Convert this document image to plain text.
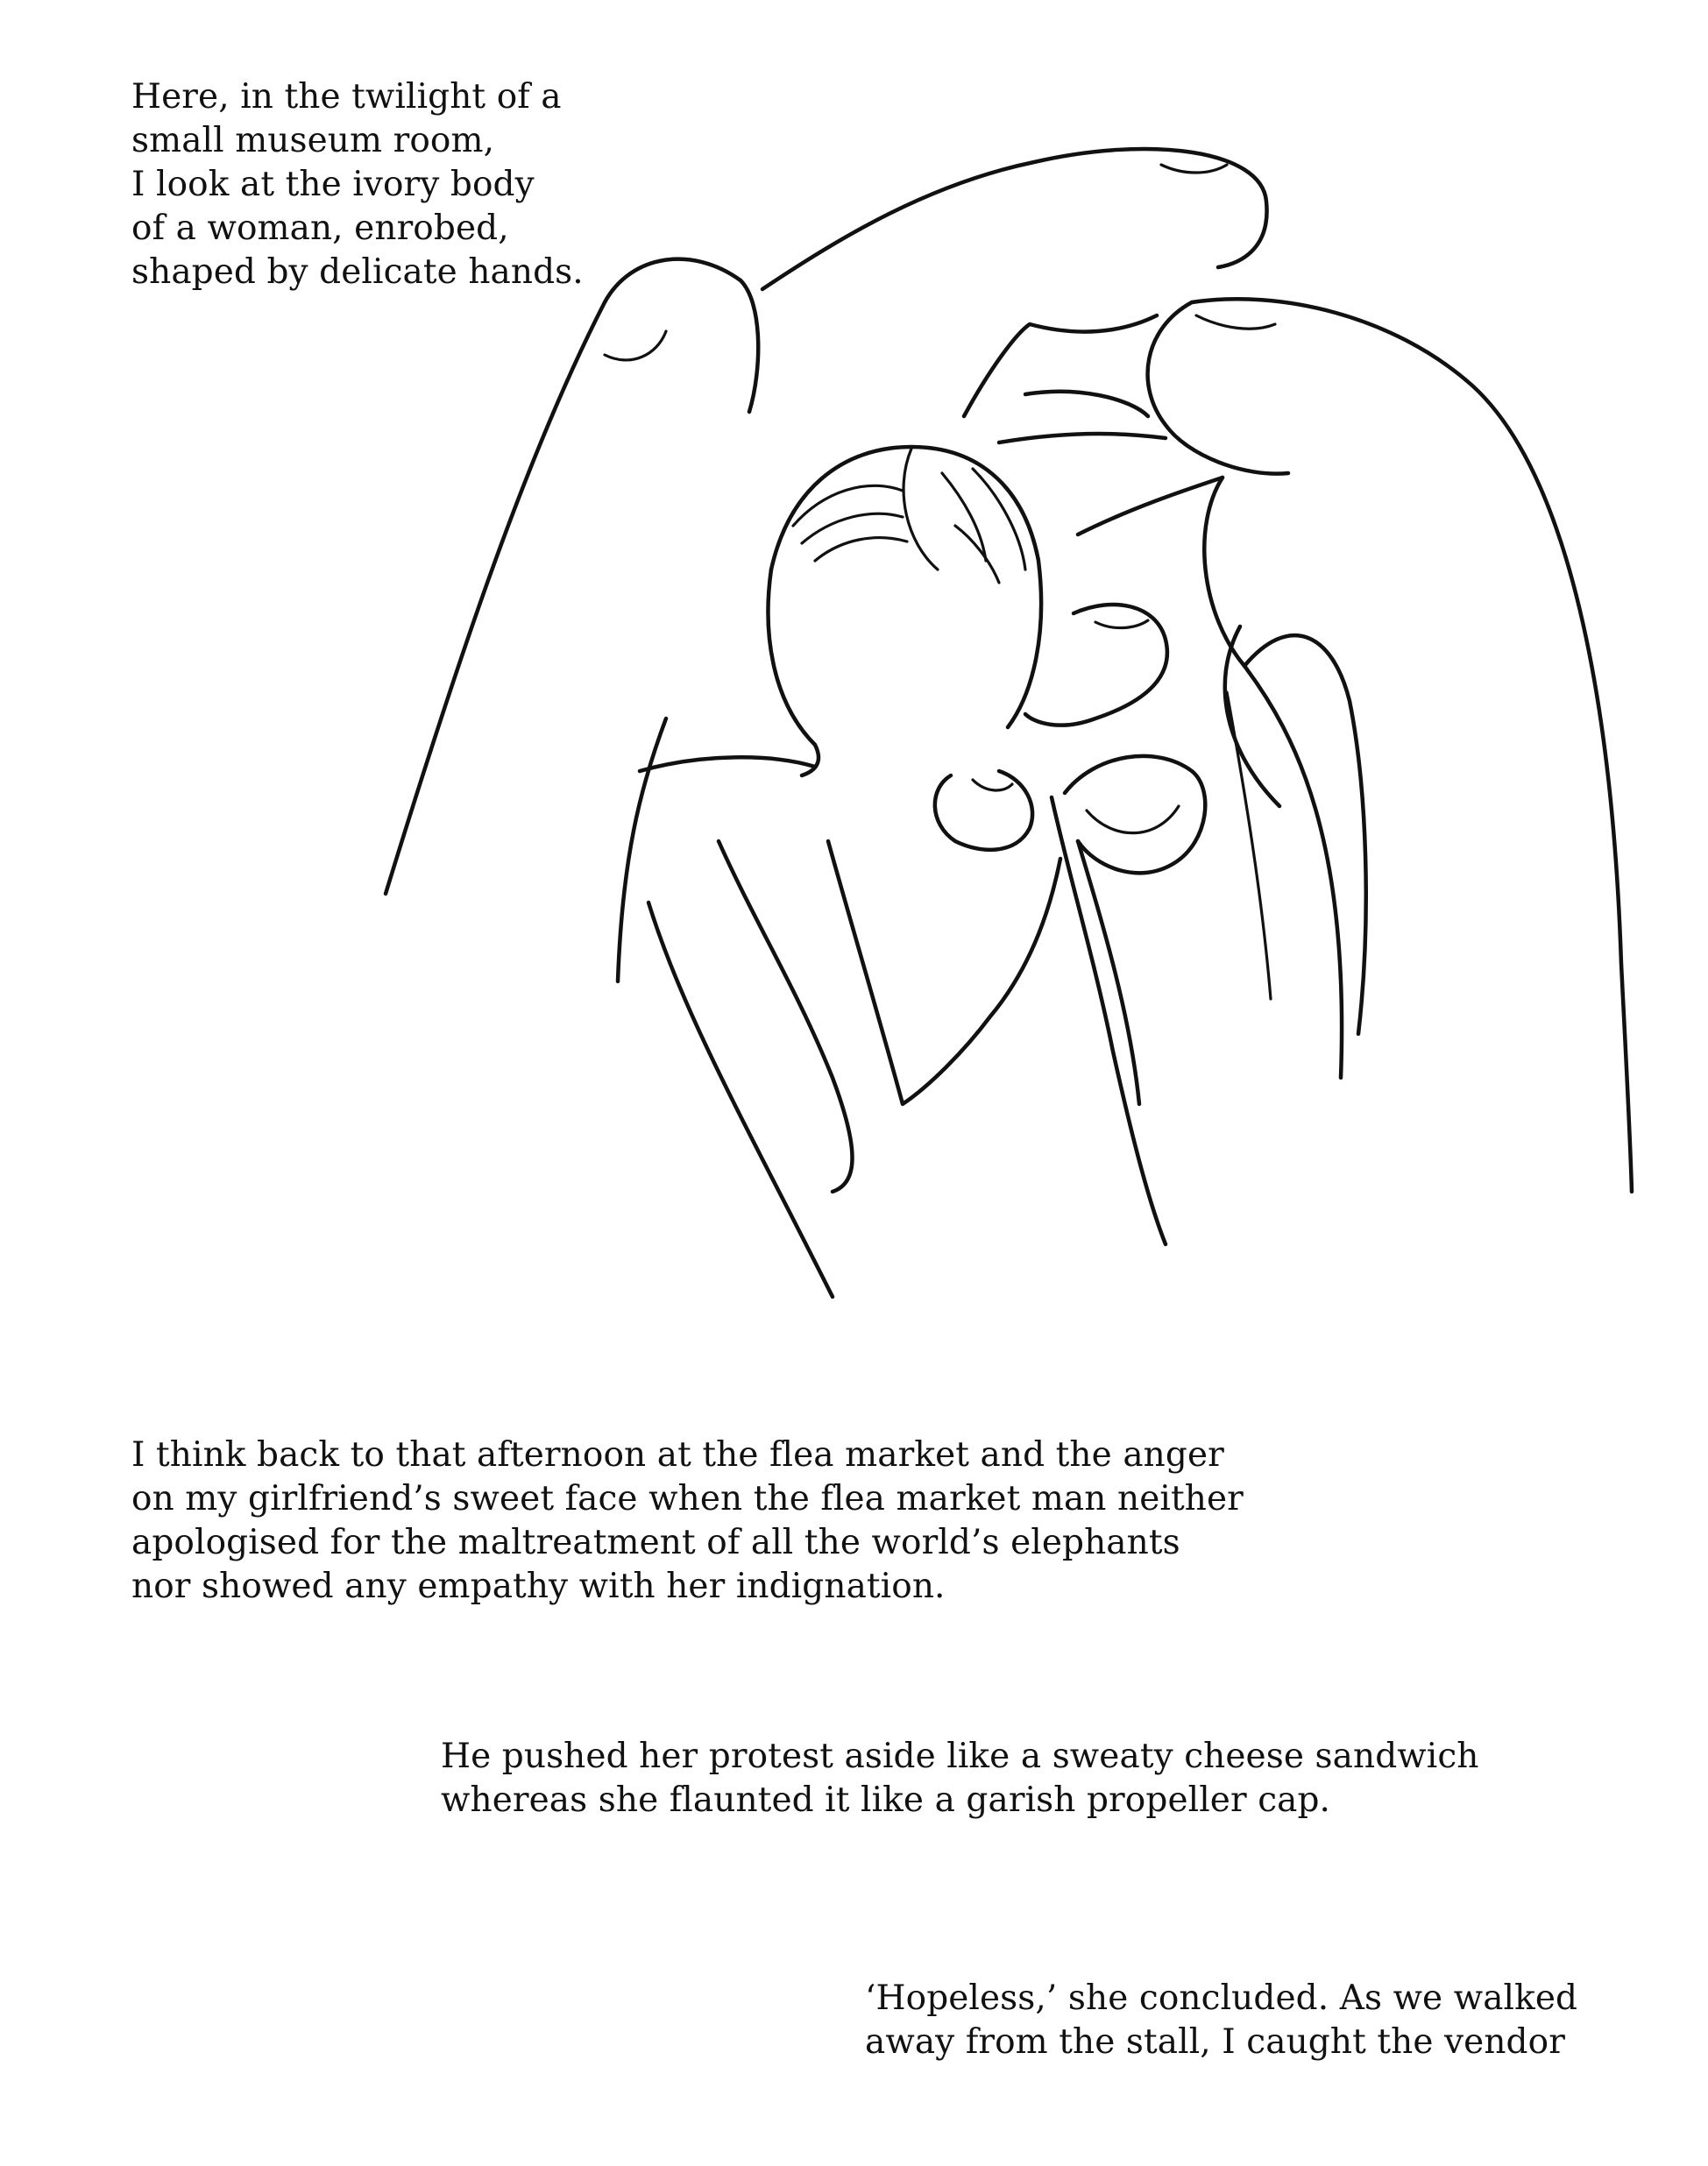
Here, in the twilight of a
small museum room,
I look at the ivory body
of a woman, enrobed,
shaped by delicate hands.

I think back to that afternoon at the flea market and the anger
on my girlfriend’s sweet face when the flea market man neither
apologised for the maltreatment of all the world’s elephants
nor showed any empathy with her indignation.

He pushed her protest aside like a sweaty cheese sandwich
whereas she flaunted it like a garish propeller cap.

‘Hopeless,’ she concluded. As we walked
away from the stall, I caught the vendor
